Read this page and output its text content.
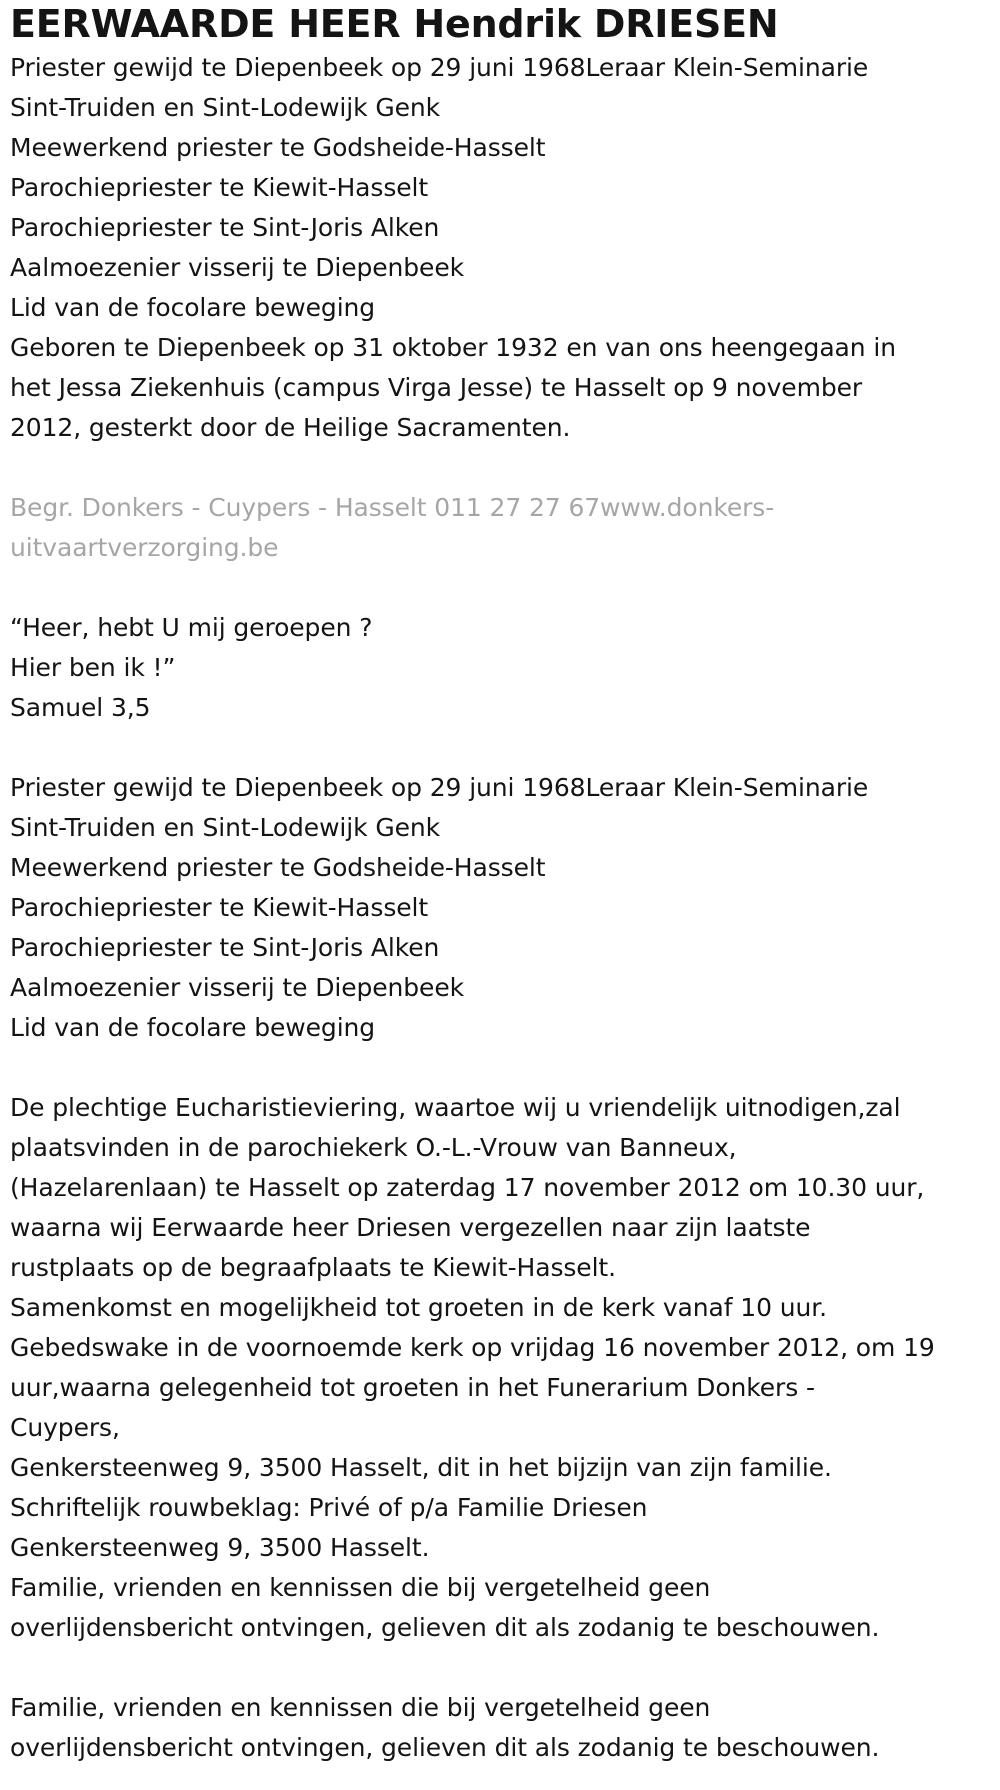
EERWAARDE HEER Hendrik DRIESEN
Priester gewijd te Diepenbeek op 29 juni 1968Leraar Klein-Seminarie
Sint-Truiden en Sint-Lodewijk Genk
Meewerkend priester te Godsheide-Hasselt
Parochiepriester te Kiewit-Hasselt
Parochiepriester te Sint-Joris Alken
Aalmoezenier visserij te Diepenbeek
Lid van de focolare beweging
Geboren te Diepenbeek op 31 oktober 1932 en van ons heengegaan in
het Jessa Ziekenhuis (campus Virga Jesse) te Hasselt op 9 november
2012, gesterkt door de Heilige Sacramenten.
Begr. Donkers - Cuypers - Hasselt 011 27 27 67www.donkers-
uitvaartverzorging.be
“Heer, hebt U mij geroepen ?
Hier ben ik !”
Samuel 3,5
Priester gewijd te Diepenbeek op 29 juni 1968Leraar Klein-Seminarie
Sint-Truiden en Sint-Lodewijk Genk
Meewerkend priester te Godsheide-Hasselt
Parochiepriester te Kiewit-Hasselt
Parochiepriester te Sint-Joris Alken
Aalmoezenier visserij te Diepenbeek
Lid van de focolare beweging
De plechtige Eucharistieviering, waartoe wij u vriendelijk uitnodigen,zal
plaatsvinden in de parochiekerk O.-L.-Vrouw van Banneux,
(Hazelarenlaan) te Hasselt op zaterdag 17 november 2012 om 10.30 uur,
waarna wij Eerwaarde heer Driesen vergezellen naar zijn laatste
rustplaats op de begraafplaats te Kiewit-Hasselt.
Samenkomst en mogelijkheid tot groeten in de kerk vanaf 10 uur.
Gebedswake in de voornoemde kerk op vrijdag 16 november 2012, om 19
uur,waarna gelegenheid tot groeten in het Funerarium Donkers -
Cuypers,
Genkersteenweg 9, 3500 Hasselt, dit in het bijzijn van zijn familie.
Schriftelijk rouwbeklag: Privé of p/a Familie Driesen
Genkersteenweg 9, 3500 Hasselt.
Familie, vrienden en kennissen die bij vergetelheid geen
overlijdensbericht ontvingen, gelieven dit als zodanig te beschouwen.
Familie, vrienden en kennissen die bij vergetelheid geen
overlijdensbericht ontvingen, gelieven dit als zodanig te beschouwen.
